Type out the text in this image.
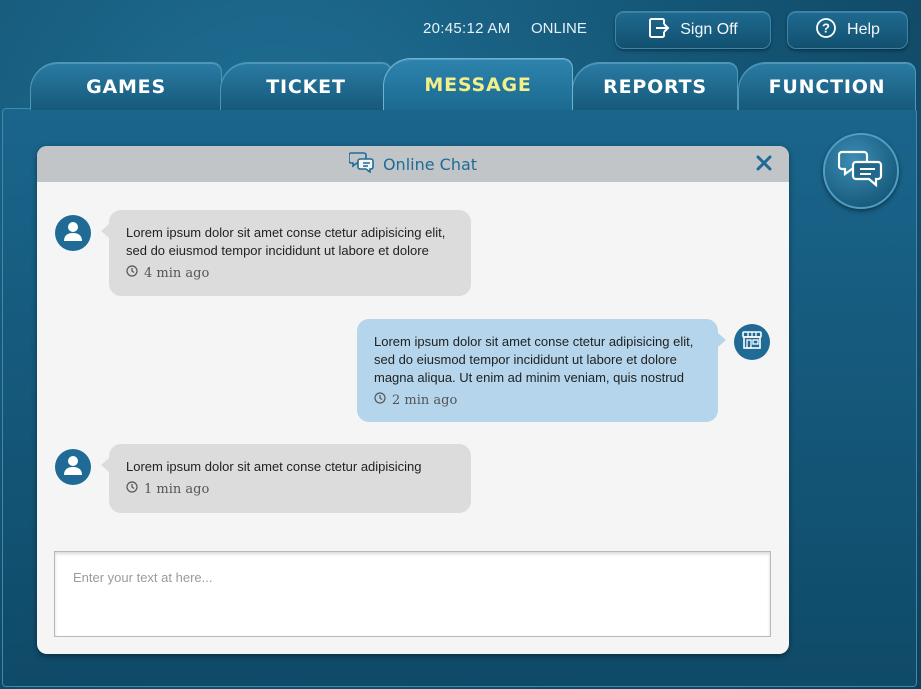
20:45:12 AM ONLINE	Sign Off	? Help
GAMES	TICKET	REPORTS	FUNCTION
MESSAGE
Online Chat
Lorem ipsum dolor sit amet conse ctetur adipisicing elit, sed do eiusmod tempor incididunt ut labore et dolore
4 min ago
Lorem ipsum dolor sit amet conse ctetur adipisicing elit, sed do eiusmod tempor incididunt ut labore et dolore magna aliqua. Ut enim ad minim veniam, quis nostrud
2 min ago
Lorem ipsum dolor sit amet conse ctetur adipisicing
1 min ago
Enter your text at here...
